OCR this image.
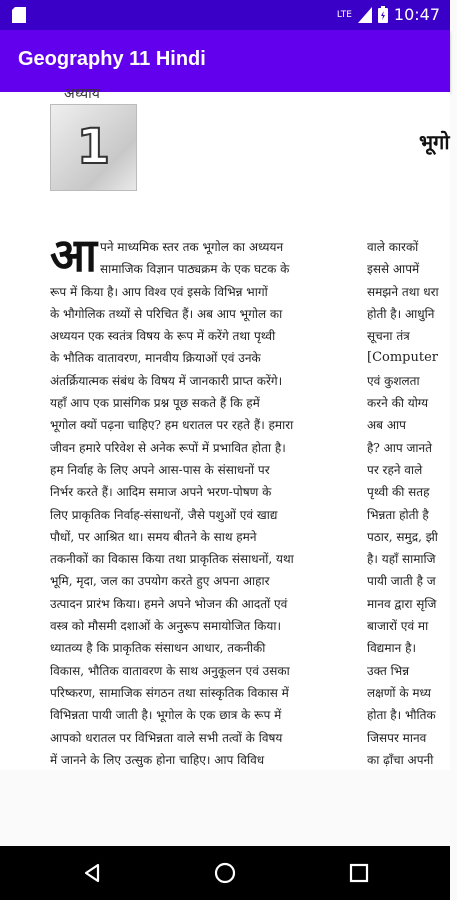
LTE	10:47
Geography 11 Hindi
अध्याय
1	भूगो
आ पने माध्यमिक स्तर तक भूगोल का अध्ययन
सामाजिक विज्ञान पाठ्यक्रम के एक घटक के
रूप में किया है। आप विश्व एवं इसके विभिन्न भागों
के भौगोलिक तथ्यों से परिचित हैं। अब आप भूगोल का
अध्ययन एक स्वतंत्र विषय के रूप में करेंगे तथा पृथ्वी
के भौतिक वातावरण, मानवीय क्रियाओं एवं उनके
अंतर्क्रियात्मक संबंध के विषय में जानकारी प्राप्त करेंगे।
यहाँ आप एक प्रासंगिक प्रश्न पूछ सकते हैं कि हमें
भूगोल क्यों पढ़ना चाहिए? हम धरातल पर रहते हैं। हमारा
जीवन हमारे परिवेश से अनेक रूपों में प्रभावित होता है।
हम निर्वाह के लिए अपने आस-पास के संसाधनों पर
निर्भर करते हैं। आदिम समाज अपने भरण-पोषण के
लिए प्राकृतिक निर्वाह-संसाधनों, जैसे पशुओं एवं खाद्य
पौधों, पर आश्रित था। समय बीतने के साथ हमने
तकनीकों का विकास किया तथा प्राकृतिक संसाधनों, यथा
भूमि, मृदा, जल का उपयोग करते हुए अपना आहार
उत्पादन प्रारंभ किया। हमने अपने भोजन की आदतों एवं
वस्त्र को मौसमी दशाओं के अनुरूप समायोजित किया।
ध्यातव्य है कि प्राकृतिक संसाधन आधार, तकनीकी
विकास, भौतिक वातावरण के साथ अनुकूलन एवं उसका
परिष्करण, सामाजिक संगठन तथा सांस्कृतिक विकास में
विभिन्नता पायी जाती है। भूगोल के एक छात्र के रूप में
आपको धरातल पर विभिन्नता वाले सभी तत्वों के विषय
में जानने के लिए उत्सुक होना चाहिए। आप विविध
वाले कारकों
इससे आपमें
समझने तथा धरा
होती है। आधुनि
सूचना तंत्र
[Computer
एवं कुशलता
करने की योग्य
अब आप
है? आप जानते
पर रहने वाले
पृथ्वी की सतह
भिन्नता होती है
पठार, समुद्र, झी
है। यहाँ सामाजि
पायी जाती है ज
मानव द्वारा सृजि
बाजारों एवं मा
विद्यमान है।
उक्त भिन्न
लक्षणों के मध्य
होता है। भौतिक
जिसपर मानव
का ढ़ाँचा अपनी
